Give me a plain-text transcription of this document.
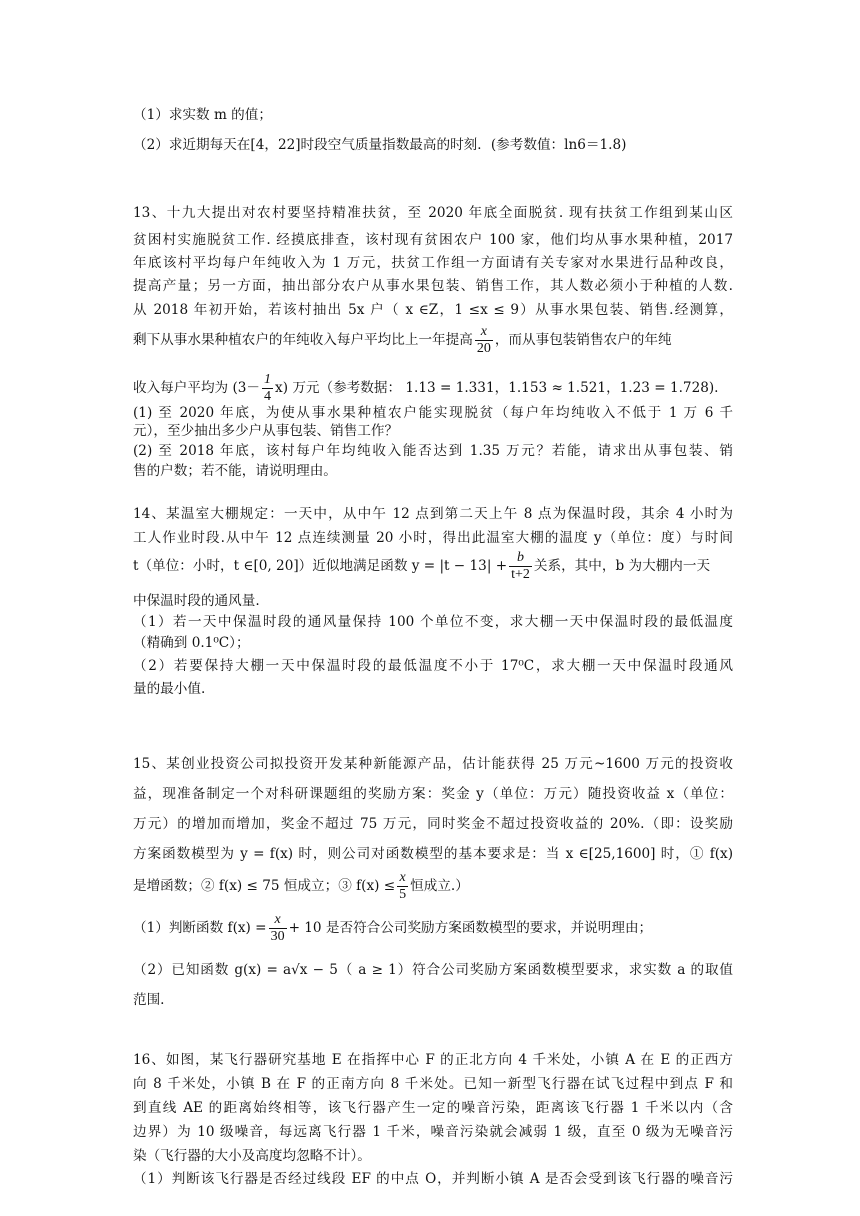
（1）求实数 m 的值；
（2）求近期每天在[4，22]时段空气质量指数最高的时刻．(参考数值：ln6＝1.8)
13、十九大提出对农村要坚持精准扶贫，至 2020 年底全面脱贫. 现有扶贫工作组到某山区
贫困村实施脱贫工作. 经摸底排查，该村现有贫困农户 100 家，他们均从事水果种植，2017
年底该村平均每户年纯收入为 1 万元，扶贫工作组一方面请有关专家对水果进行品种改良，
提高产量；另一方面，抽出部分农户从事水果包装、销售工作，其人数必须小于种植的人数.
从 2018 年初开始，若该村抽出 5x 户（ x ∈Z，1 ≤x ≤ 9）从事水果包装、销售.经测算，
剩下从事水果种植农户的年纯收入每户平均比上一年提高 $\frac{x}{20}$ ，而从事包装销售农户的年纯
收入每户平均为 $(3- \frac{1}{4} x)$ 万元（参考数据： 1.13 = 1.331，1.153 ≈ 1.521，1.23 = 1.728).
(1) 至 2020 年底，为使从事水果种植农户能实现脱贫（每户年均纯收入不低于 1 万 6 千
元），至少抽出多少户从事包装、销售工作？
(2) 至 2018 年底，该村每户年均纯收入能否达到 1.35 万元？若能，请求出从事包装、销
售的户数；若不能，请说明理由。
14、某温室大棚规定：一天中，从中午 12 点到第二天上午 8 点为保温时段，其余 4 小时为
工人作业时段.从中午 12 点连续测量 20 小时，得出此温室大棚的温度 y（单位：度）与时间
t（单位：小时，t ∈[0, 20]）近似地满足函数 $y = |t - 13| + \frac{b}{t+2}$ 关系，其中，b 为大棚内一天
中保温时段的通风量.
（1）若一天中保温时段的通风量保持 100 个单位不变，求大棚一天中保温时段的最低温度
（精确到 0.1⁰C）；
（2）若要保持大棚一天中保温时段的最低温度不小于 17⁰C，求大棚一天中保温时段通风
量的最小值.
15、某创业投资公司拟投资开发某种新能源产品，估计能获得 25 万元~1600 万元的投资收
益，现准备制定一个对科研课题组的奖励方案：奖金 y（单位：万元）随投资收益 x（单位：
万元）的增加而增加，奖金不超过 75 万元，同时奖金不超过投资收益的 20%.（即：设奖励
方案函数模型为 y = f(x) 时，则公司对函数模型的基本要求是：当 x ∈[25,1600] 时，① f(x)
是增函数；② f(x) ≤ 75 恒成立；③ $f(x) \le \frac{x}{5}$ 恒成立.）
（1）判断函数 $f(x) = \frac{x}{30} + 10$ 是否符合公司奖励方案函数模型的要求，并说明理由；
（2）已知函数 g(x) = a√x − 5（ a ≥ 1）符合公司奖励方案函数模型要求，求实数 a 的取值
范围.
16、如图，某飞行器研究基地 E 在指挥中心 F 的正北方向 4 千米处，小镇 A 在 E 的正西方
向 8 千米处，小镇 B 在 F 的正南方向 8 千米处。已知一新型飞行器在试飞过程中到点 F 和
到直线 AE 的距离始终相等，该飞行器产生一定的噪音污染，距离该飞行器 1 千米以内（含
边界）为 10 级噪音，每远离飞行器 1 千米，噪音污染就会减弱 1 级，直至 0 级为无噪音污
染（飞行器的大小及高度均忽略不计）。
（1）判断该飞行器是否经过线段 EF 的中点 O，并判断小镇 A 是否会受到该飞行器的噪音污
